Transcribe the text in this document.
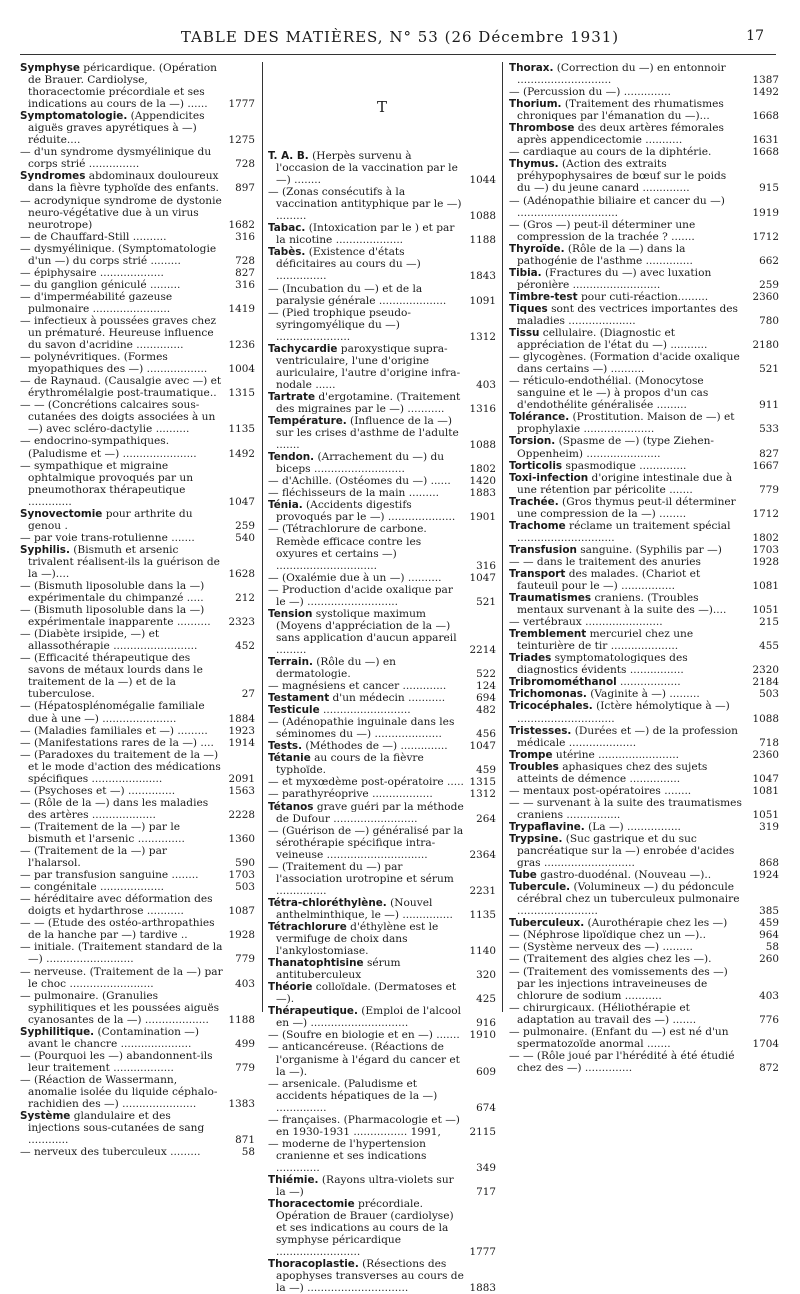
TABLE DES MATIÈRES, N° 53 (26 Décembre 1931)	17
Symphyse péricardique. (Opération de Brauer. Cardiolyse, thoracectomie précordiale et ses indications au cours de la —) ...... 1777
Symptomatologie. (Appendicites aiguës graves apyrétiques à —) réduite....	1275
— d'un syndrome dysmyélinique du corps strié ...............	728
Syndromes abdominaux douloureux dans la fièvre typhoïde des enfants. 897
— acrodynique syndrome de dystonie neuro-végétative due à un virus neurotrope)	1682
— de Chauffard-Still ..........	316
— dysmyélinique. (Symptomatologie d'un —) du corps strié .........	728
— épiphysaire ...................	827
— du ganglion géniculé .........	316
— d'imperméabilité gazeuse pulmonaire .......................	1419
— infectieux à poussées graves chez un prématuré. Heureuse influence du savon d'acridine ..............	1236
— polynévritiques. (Formes myopathiques des —) .................. 1004
— de Raynaud. (Causalgie avec —) et érythromélalgie post-traumatique.. 1315
— — (Concrétions calcaires sous-cutanées des doigts associées à un —) avec scléro-dactylie ..........	1135
— endocrino-sympathiques. (Paludisme et —) ......................	1492
— sympathique et migraine ophtalmique provoqués par un pneumothorax thérapeutique .............	1047
Synovectomie pour arthrite du genou .	259
— par voie trans-rotulienne .......	540
Syphilis. (Bismuth et arsenic trivalent réalisent-ils la guérison de la —)....	1628
— (Bismuth liposoluble dans la —) expérimentale du chimpanzé .....	212
— (Bismuth liposoluble dans la —) expérimentale inapparente .......... 2323
— (Diabète irsipide, —) et allassothérapie .........................	452
— (Efficacité thérapeutique des savons de métaux lourds dans le traitement de la —) et de la tuberculose.	27
— (Hépatosplénomégalie familiale due à une —) ......................	1884
— (Maladies familiales et —) ......... 1923
— (Manifestations rares de la —) .... 1914
— (Paradoxes du traitement de la —) et le mode d'action des médications spécifiques .....................	2091
— (Psychoses et —) ..............	1563
— (Rôle de la —) dans les maladies des artères ...................	2228
— (Traitement de la —) par le bismuth et l'arsenic ..............	1360
— (Traitement de la —) par l'halarsol.	590
— par transfusion sanguine ........	1703
— congénitale ...................	503
— héréditaire avec déformation des doigts et hydarthrose ...........	1087
— — (Etude des ostéo-arthropathies de la hanche par —) tardive ..	1928
— initiale. (Traitement standard de la —) ..........................	779
— nerveuse. (Traitement de la —) par le choc .........................	403
— pulmonaire. (Granulies syphilitiques et les poussées aiguës cyanosantes de la —) ................... 1188
Syphilitique. (Contamination —) avant le chancre .....................	499
— (Pourquoi les —) abandonnent-ils leur traitement ..................	779
— (Réaction de Wassermann, anomalie isolée du liquide céphalo-rachidien des —) ......................	1383
Système glandulaire et des injections sous-cutanées de sang ............	871
— nerveux des tuberculeux .........	58
T
T. A. B. (Herpès survenu à l'occasion de la vaccination par le —) ........	1044
— (Zonas consécutifs à la vaccination antityphique par le —) .........	1088
Tabac. (Intoxication par le ) et par la nicotine ....................	1188
Tabès. (Existence d'états déficitaires au cours du —) ...............	1843
— (Incubation du —) et de la paralysie générale .................... 1091
— (Pied trophique pseudo-syringomyélique du —) ......................	1312
Tachycardie paroxystique supra-ventriculaire, l'une d'origine auriculaire, l'autre d'origine infra-nodale ......	403
Tartrate d'ergotamine. (Traitement des migraines par le —) ........... 1316
Température. (Influence de la —) sur les crises d'asthme de l'adulte .......	1088
Tendon. (Arrachement du —) du biceps ...........................	1802
— d'Achille. (Ostéomes du —) ...... 1420
— fléchisseurs de la main .........	1883
Ténia. (Accidents digestifs provoqués par le —) .................... 1901
— (Tétrachlorure de carbone. Remède efficace contre les oxyures et certains —) ..............................	316
— (Oxalémie due à un —) ..........	1047
— Production d'acide oxalique par le —) ...........................	521
Tension systolique maximum (Moyens d'appréciation de la —) sans application d'aucun appareil .........	2214
Terrain. (Rôle du —) en dermatologie.	522
— magnésiens et cancer .............	124
Testament d'un médecin ...........	694
Testicule ..........................	482
— (Adénopathie inguinale dans les séminomes du —) ....................	456
Tests. (Méthodes de —) .............. 1047
Tétanie au cours de la fièvre typhoïde.	459
— et myxœdème post-opératoire ..... 1315
— parathyréoprive ..................	1312
Tétanos grave guéri par la méthode de Dufour .........................	264
— (Guérison de —) généralisé par la sérothérapie spécifique intra-veineuse ..............................	2364
— (Traitement du —) par l'association urotropine et sérum ...............	2231
Tétra-chloréthylène. (Nouvel anthelminthique, le —) ............... 1135
Tétrachlorure d'éthylène est le vermifuge de choix dans l'ankylostomiase.	1140
Thanatophtisine sérum antituberculeux	320
Théorie colloïdale. (Dermatoses et —).	425
Thérapeutique. (Emploi de l'alcool en —) .............................	916
— (Soufre en biologie et en —) ....... 1910
— anticancéreuse. (Réactions de l'organisme à l'égard du cancer et la —).	609
— arsenicale. (Paludisme et accidents hépatiques de la —) ...............	674
— françaises. (Pharmacologie et —) en 1930-1931 ................ 1991,	2115
— moderne de l'hypertension cranienne et ses indications .............	349
Thiémie. (Rayons ultra-violets sur la —)	717
Thoracectomie précordiale. Opération de Brauer (cardiolyse) et ses indications au cours de la symphyse péricardique .........................	1777
Thoracoplastie. (Résections des apophyses transverses au cours de la —) ..............................	1883
Thorax. (Correction du —) en entonnoir ............................	1387
— (Percussion du —) ..............	1492
Thorium. (Traitement des rhumatismes chroniques par l'émanation du —)...	1668
Thrombose des deux artères fémorales après appendicectomie ...........	1631
— cardiaque au cours de la diphtérie.	1668
Thymus. (Action des extraits préhypophysaires de bœuf sur le poids du —) du jeune canard ..............	915
— (Adénopathie biliaire et cancer du —) ..............................	1919
— (Gros —) peut-il déterminer une compression de la trachée ? .......	1712
Thyroïde. (Rôle de la —) dans la pathogénie de l'asthme ..............	662
Tibia. (Fractures du —) avec luxation péronière ..........................	259
Timbre-test pour cuti-réaction.........	2360
Tiques sont des vectrices importantes des maladies ....................	780
Tissu cellulaire. (Diagnostic et appréciation de l'état du —) ...........	2180
— glycogènes. (Formation d'acide oxalique dans certains —) ..........	521
— réticulo-endothélial. (Monocytose sanguine et le —) à propos d'un cas d'endothélite généralisée .........	911
Tolérance. (Prostitution. Maison de —) et prophylaxie .....................	533
Torsion. (Spasme de —) (type Ziehen-Oppenheim) ......................	827
Torticolis spasmodique ..............	1667
Toxi-infection d'origine intestinale due à une rétention par péricolite .......	779
Trachée. (Gros thymus peut-il déterminer une compression de la —) ........	1712
Trachome réclame un traitement spécial .............................	1802
Transfusion sanguine. (Syphilis par —)	1703
— — dans le traitement des anuries	1928
Transport des malades. (Chariot et fauteuil pour le —) ................	1081
Traumatismes craniens. (Troubles mentaux survenant à la suite des —)....	1051
— vertébraux .......................	215
Tremblement mercuriel chez une teinturière de tir ....................	455
Triades symptomatologiques des diagnostics évidents ................	2320
Tribromométhanol ..................	2184
Trichomonas. (Vaginite à —) .........	503
Tricocéphales. (Ictère hémolytique à —) .............................	1088
Tristesses. (Durées et —) de la profession médicale ....................	718
Trompe utérine ........................	2360
Troubles aphasiques chez des sujets atteints de démence ...............	1047
— mentaux post-opératoires ........	1081
— — survenant à la suite des traumatismes craniens ................	1051
Trypaflavine. (La —) ................	319
Trypsine. (Suc gastrique et du suc pancréatique sur la —) enrobée d'acides gras ...........................	868
Tube gastro-duodénal. (Nouveau —)..	1924
Tubercule. (Volumineux —) du pédoncule cérébral chez un tuberculeux pulmonaire ........................	385
Tuberculeux. (Aurothérapie chez les —)	459
— (Néphrose lipoïdique chez un —)..	964
— (Système nerveux des —) .........	58
— (Traitement des algies chez les —).	260
— (Traitement des vomissements des —) par les injections intraveineuses de chlorure de sodium ...........	403
— chirurgicaux. (Héliothérapie et adaptation au travail des —) .......	776
— pulmonaire. (Enfant du —) est né d'un spermatozoïde anormal .......	1704
— — (Rôle joué par l'hérédité à été étudié chez des —) ..............	872
